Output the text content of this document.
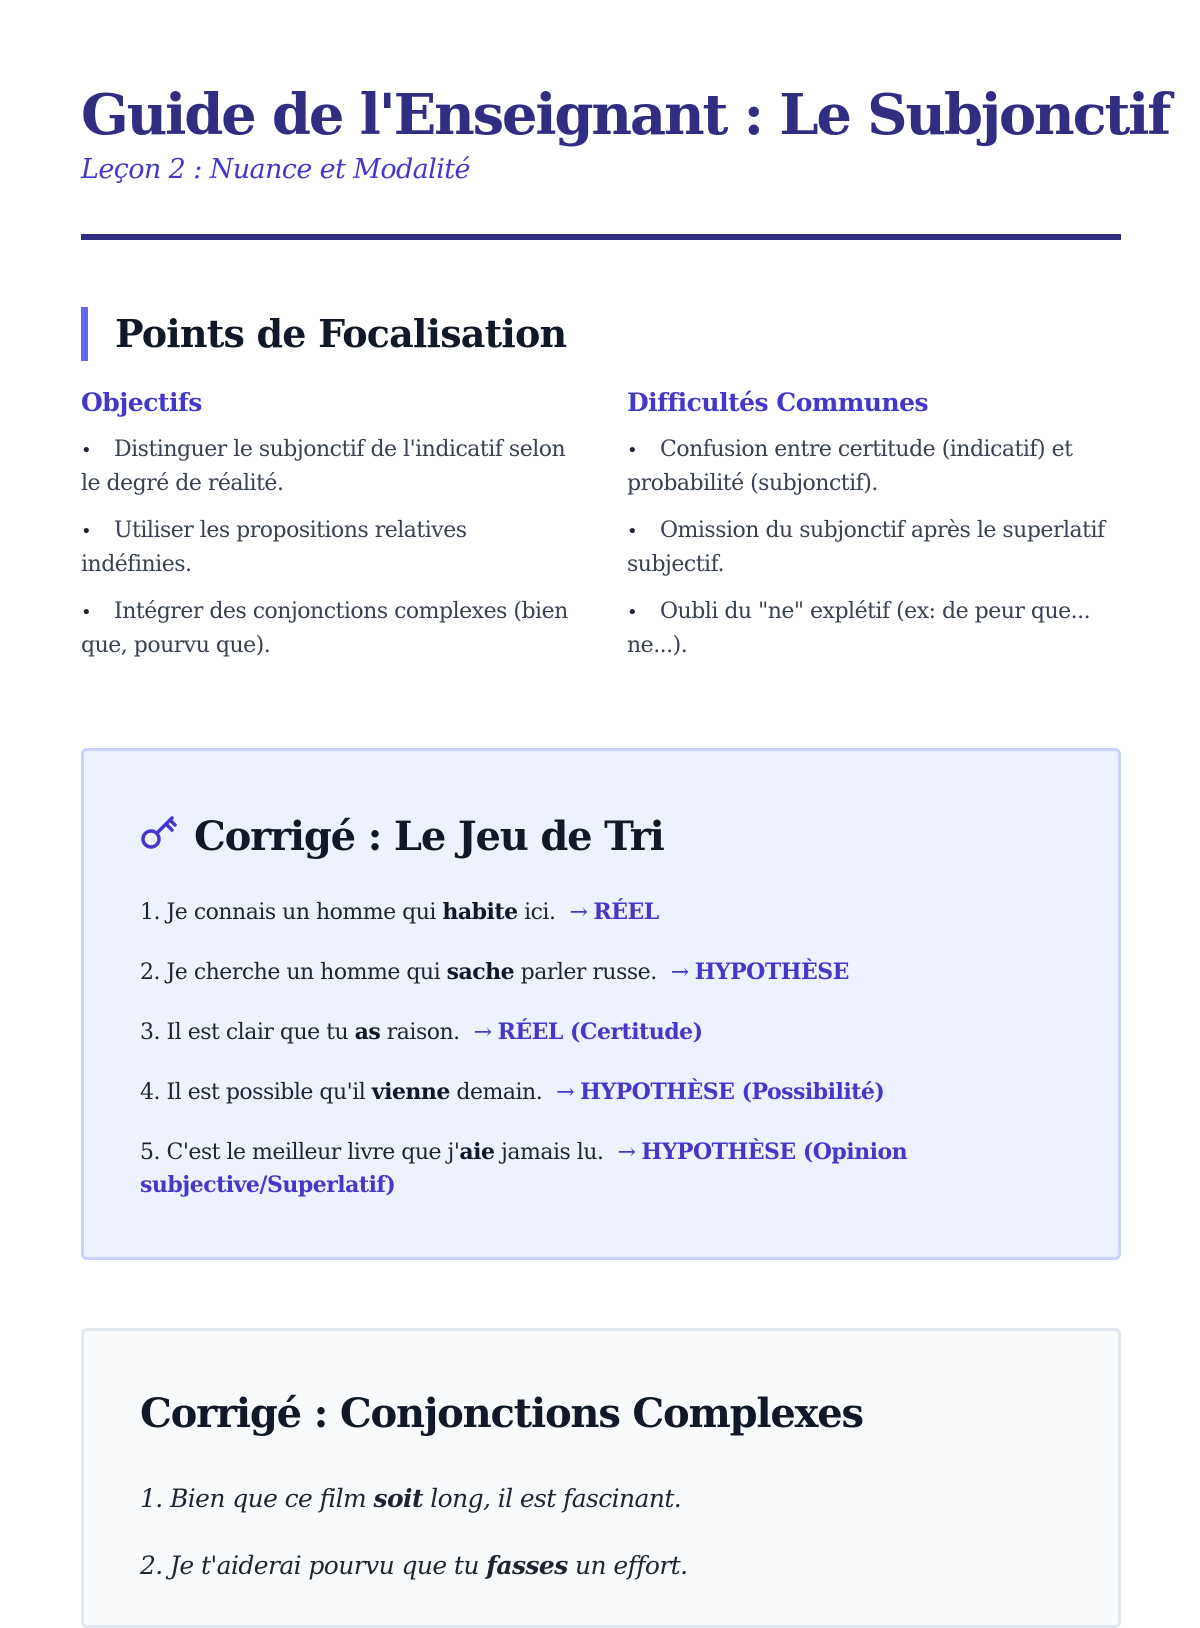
Guide de l'Enseignant : Le Subjonctif
Leçon 2 : Nuance et Modalité
Points de Focalisation
Objectifs
• Distinguer le subjonctif de l'indicatif selon le degré de réalité.
• Utiliser les propositions relatives indéfinies.
• Intégrer des conjonctions complexes (bien que, pourvu que).
Difficultés Communes
• Confusion entre certitude (indicatif) et probabilité (subjonctif).
• Omission du subjonctif après le superlatif subjectif.
• Oubli du "ne" explétif (ex: de peur que... ne...).
Corrigé : Le Jeu de Tri
1. Je connais un homme qui habite ici. → RÉEL
2. Je cherche un homme qui sache parler russe. → HYPOTHÈSE
3. Il est clair que tu as raison. → RÉEL (Certitude)
4. Il est possible qu'il vienne demain. → HYPOTHÈSE (Possibilité)
5. C'est le meilleur livre que j'aie jamais lu. → HYPOTHÈSE (Opinion subjective/Superlatif)
Corrigé : Conjonctions Complexes
1. Bien que ce film soit long, il est fascinant.
2. Je t'aiderai pourvu que tu fasses un effort.
